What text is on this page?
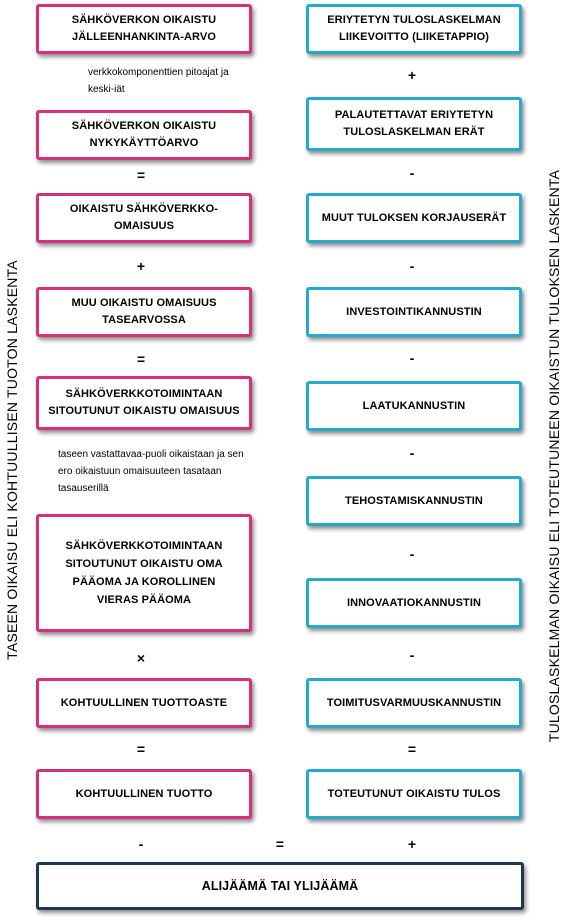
TASEEN OIKAISU ELI KOHTUULLISEN TUOTON LASKENTA	TULOSLASKELMAN OIKAISU ELI TOTEUTUNEEN OIKAISTUN TULOKSEN LASKENTA
SÄHKÖVERKON OIKAISTU JÄLLEENHANKINTA-ARVO
verkkokomponenttien pitoajat ja keski-iät
SÄHKÖVERKON OIKAISTU NYKYKÄYTTÖARVO
=
OIKAISTU SÄHKÖVERKKO-OMAISUUS
+
MUU OIKAISTU OMAISUUS TASEARVOSSA
=
SÄHKÖVERKKOTOIMINTAAN SITOUTUNUT OIKAISTU OMAISUUS
taseen vastattavaa-puoli oikaistaan ja sen ero oikaistuun omaisuuteen tasataan tasauserillä
SÄHKÖVERKKOTOIMINTAAN SITOUTUNUT OIKAISTU OMA PÄÄOMA JA KOROLLINEN VIERAS PÄÄOMA
×
KOHTUULLINEN TUOTTOASTE
=
KOHTUULLINEN TUOTTO
ERIYTETYN TULOSLASKELMAN LIIKEVOITTO (LIIKETAPPIO)
+
PALAUTETTAVAT ERIYTETYN TULOSLASKELMAN ERÄT
-
MUUT TULOKSEN KORJAUSERÄT
-
INVESTOINTIKANNUSTIN
-
LAATUKANNUSTIN
-
TEHOSTAMISKANNUSTIN
-
INNOVAATIOKANNUSTIN
-
TOIMITUSVARMUUSKANNUSTIN
=
TOTEUTUNUT OIKAISTU TULOS
-	=	+
ALIJÄÄMÄ TAI YLIJÄÄMÄ
